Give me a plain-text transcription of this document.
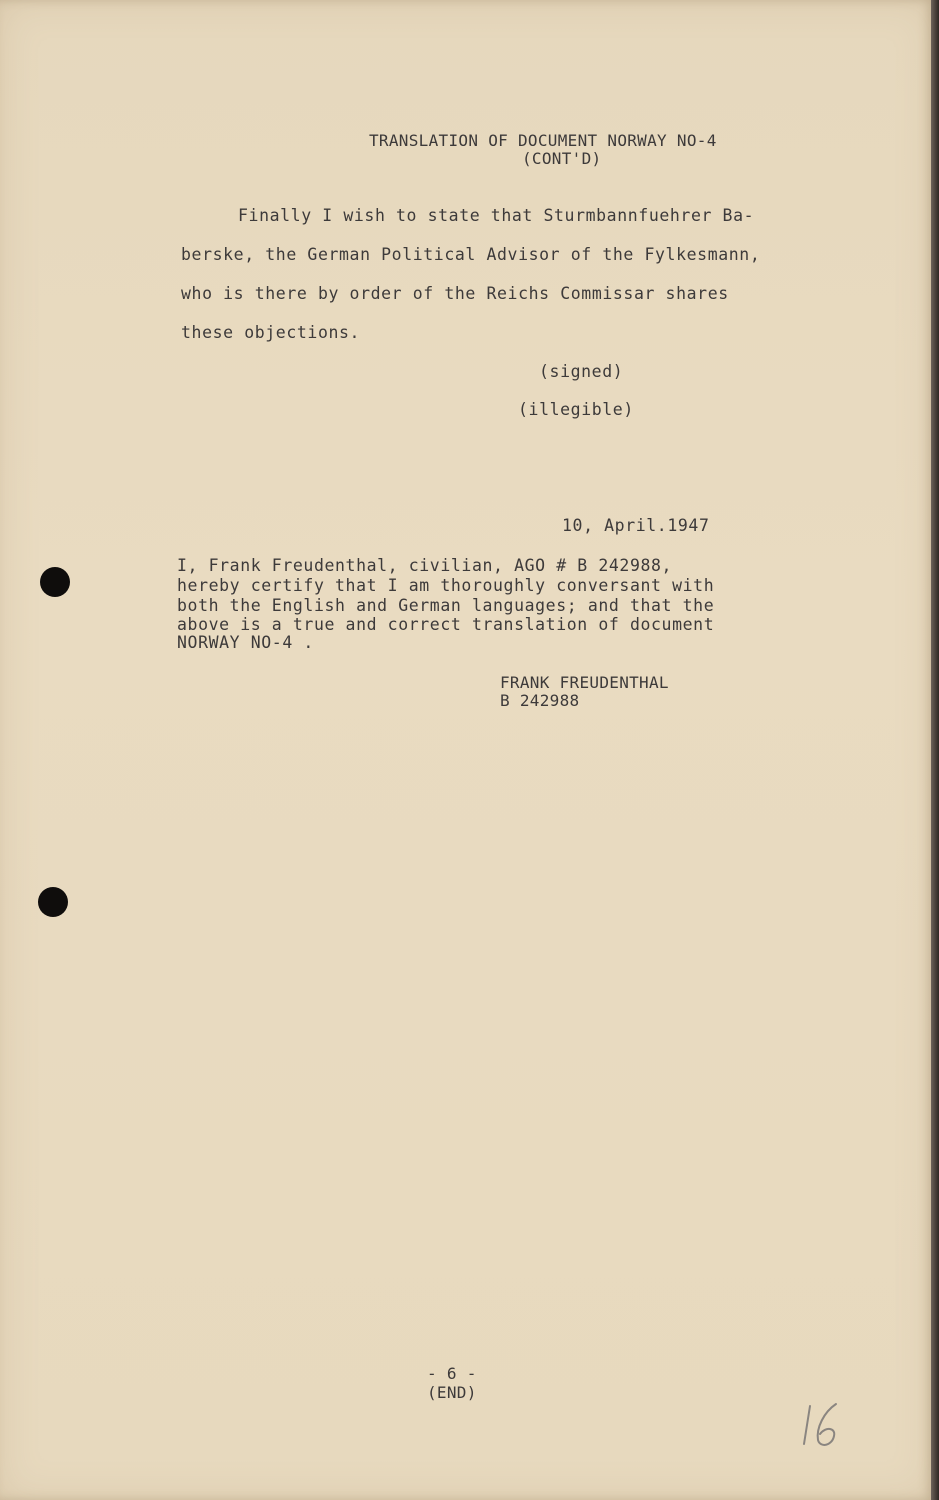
TRANSLATION OF DOCUMENT NORWAY NO-4
(CONT'D)
Finally I wish to state that Sturmbannfuehrer Ba-
berske, the German Political Advisor of the Fylkesmann,
who is there by order of the Reichs Commissar shares
these objections.
(signed)
(illegible)
10, April.1947
I, Frank Freudenthal, civilian, AGO # B 242988,
hereby certify that I am thoroughly conversant with
both the English and German languages; and that the
above is a true and correct translation of document
NORWAY NO-4 .
FRANK FREUDENTHAL
B 242988
- 6 -
(END)
